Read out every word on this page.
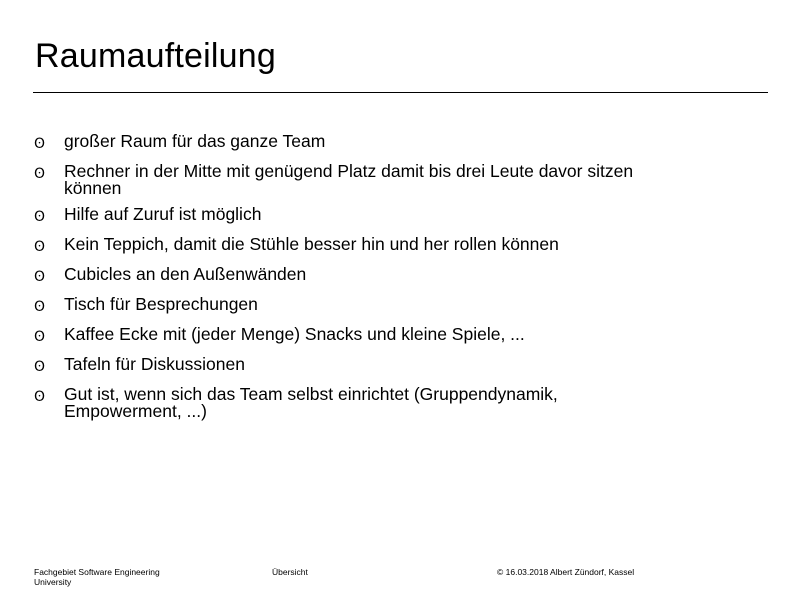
Raumaufteilung
ʘ großer Raum für das ganze Team
ʘ Rechner in der Mitte mit genügend Platz damit bis drei Leute davor sitzen
können
ʘ Hilfe auf Zuruf ist möglich
ʘ Kein Teppich, damit die Stühle besser hin und her rollen können
ʘ Cubicles an den Außenwänden
ʘ Tisch für Besprechungen
ʘ Kaffee Ecke mit (jeder Menge) Snacks und kleine Spiele, ...
ʘ Tafeln für Diskussionen
ʘ Gut ist, wenn sich das Team selbst einrichtet (Gruppendynamik,
Empowerment, ...)
Fachgebiet Software Engineering
University
Übersicht	© 16.03.2018 Albert Zündorf, Kassel
